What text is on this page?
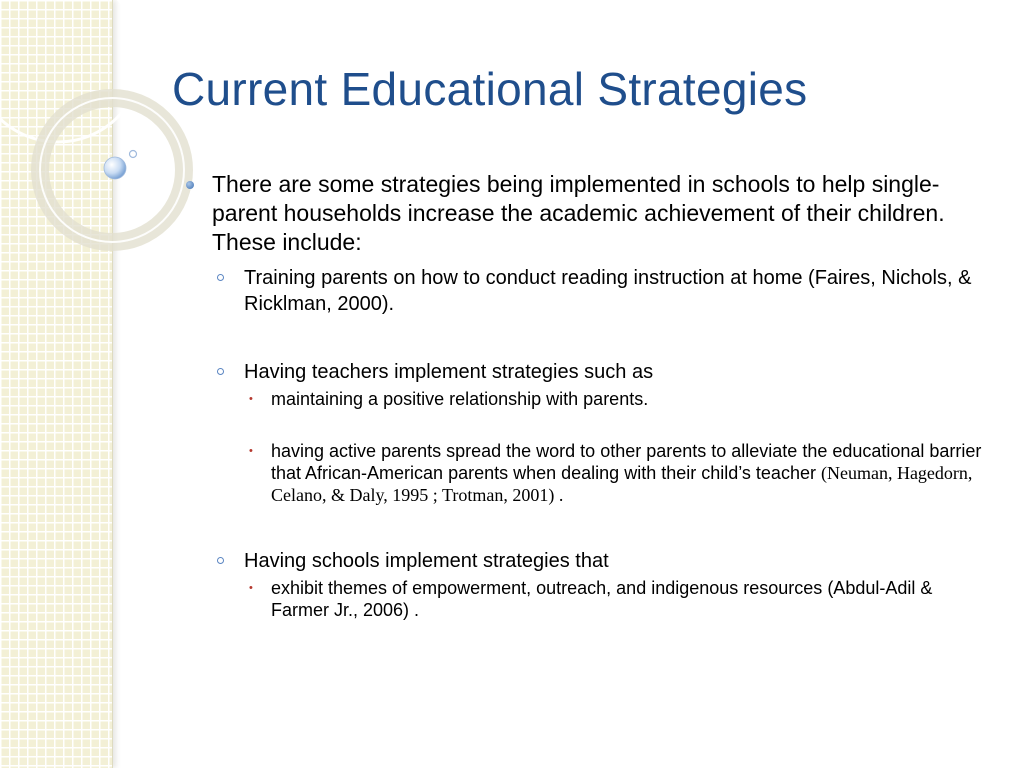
Current Educational Strategies
There are some strategies being implemented in schools to help single-parent households increase the academic achievement of their children. These include:
Training parents on how to conduct reading instruction at home (Faires, Nichols, & Ricklman, 2000).
Having teachers implement strategies such as
• maintaining a positive relationship with parents.
• having active parents spread the word to other parents to alleviate the educational barrier that African-American parents when dealing with their child’s teacher (Neuman, Hagedorn, Celano, & Daly, 1995 ; Trotman, 2001) .
Having schools implement strategies that
• exhibit themes of empowerment, outreach, and indigenous resources (Abdul-Adil & Farmer Jr., 2006) .
